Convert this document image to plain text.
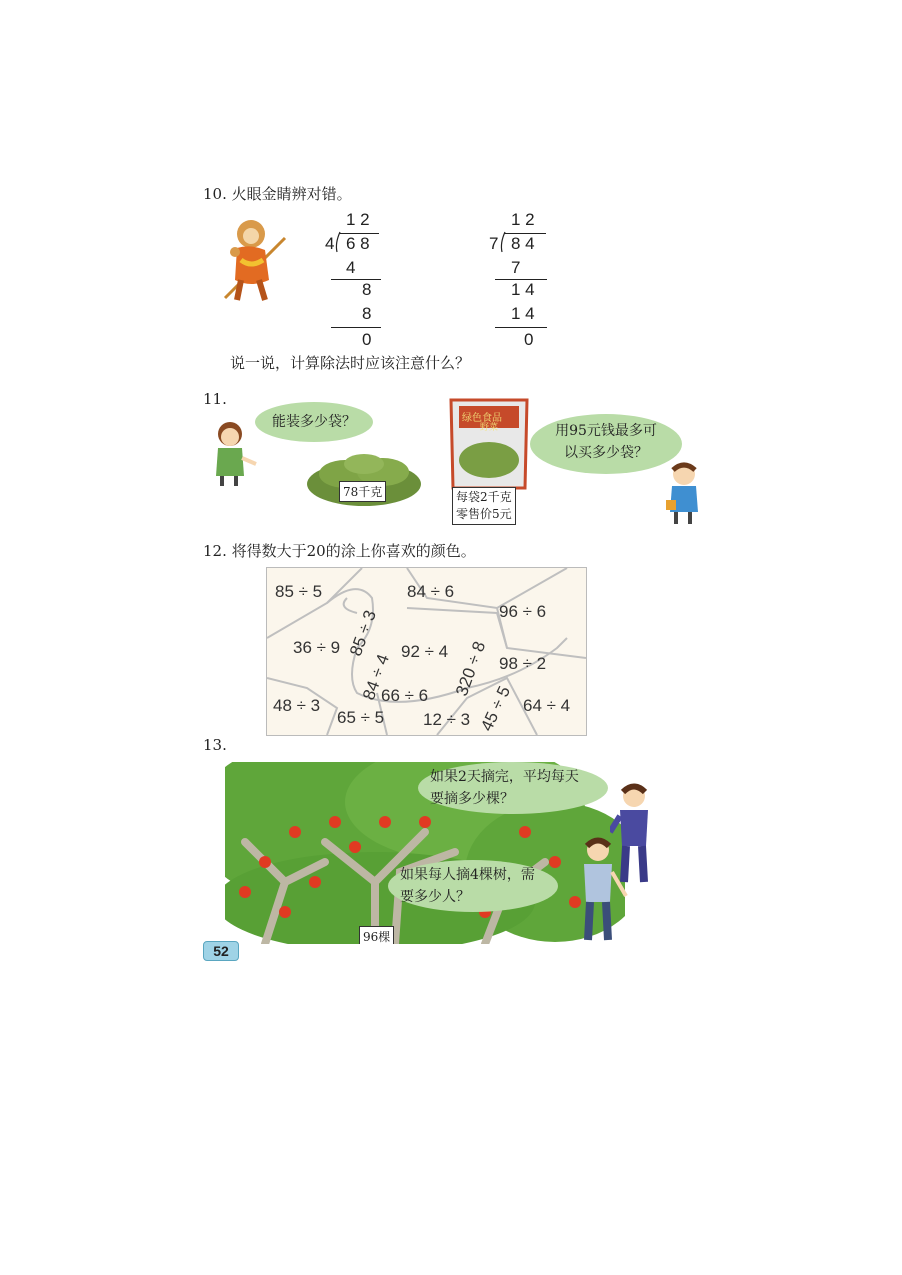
10. 火眼金睛辨对错。
1 2
4 6 8
4
8
8
0
1 2
7 8 4
7
1 4
1 4
0
说一说，计算除法时应该注意什么？
11.
能装多少袋？
78千克
绿色食品
野菜
每袋2千克
零售价5元
用95元钱最多可
以买多少袋？
12. 将得数大于20的涂上你喜欢的颜色。
85 ÷ 5	84 ÷ 6
96 ÷ 6
85 ÷ 3
36 ÷ 9	92 ÷ 4 320 ÷ 8 98 ÷ 2
84 ÷ 4
66 ÷ 6
48 ÷ 3
65 ÷ 5 12 ÷ 3 45 ÷ 5 64 ÷ 4
13.
96棵
如果2天摘完，平均每天
要摘多少棵？
如果每人摘4棵树，需
要多少人？
52
